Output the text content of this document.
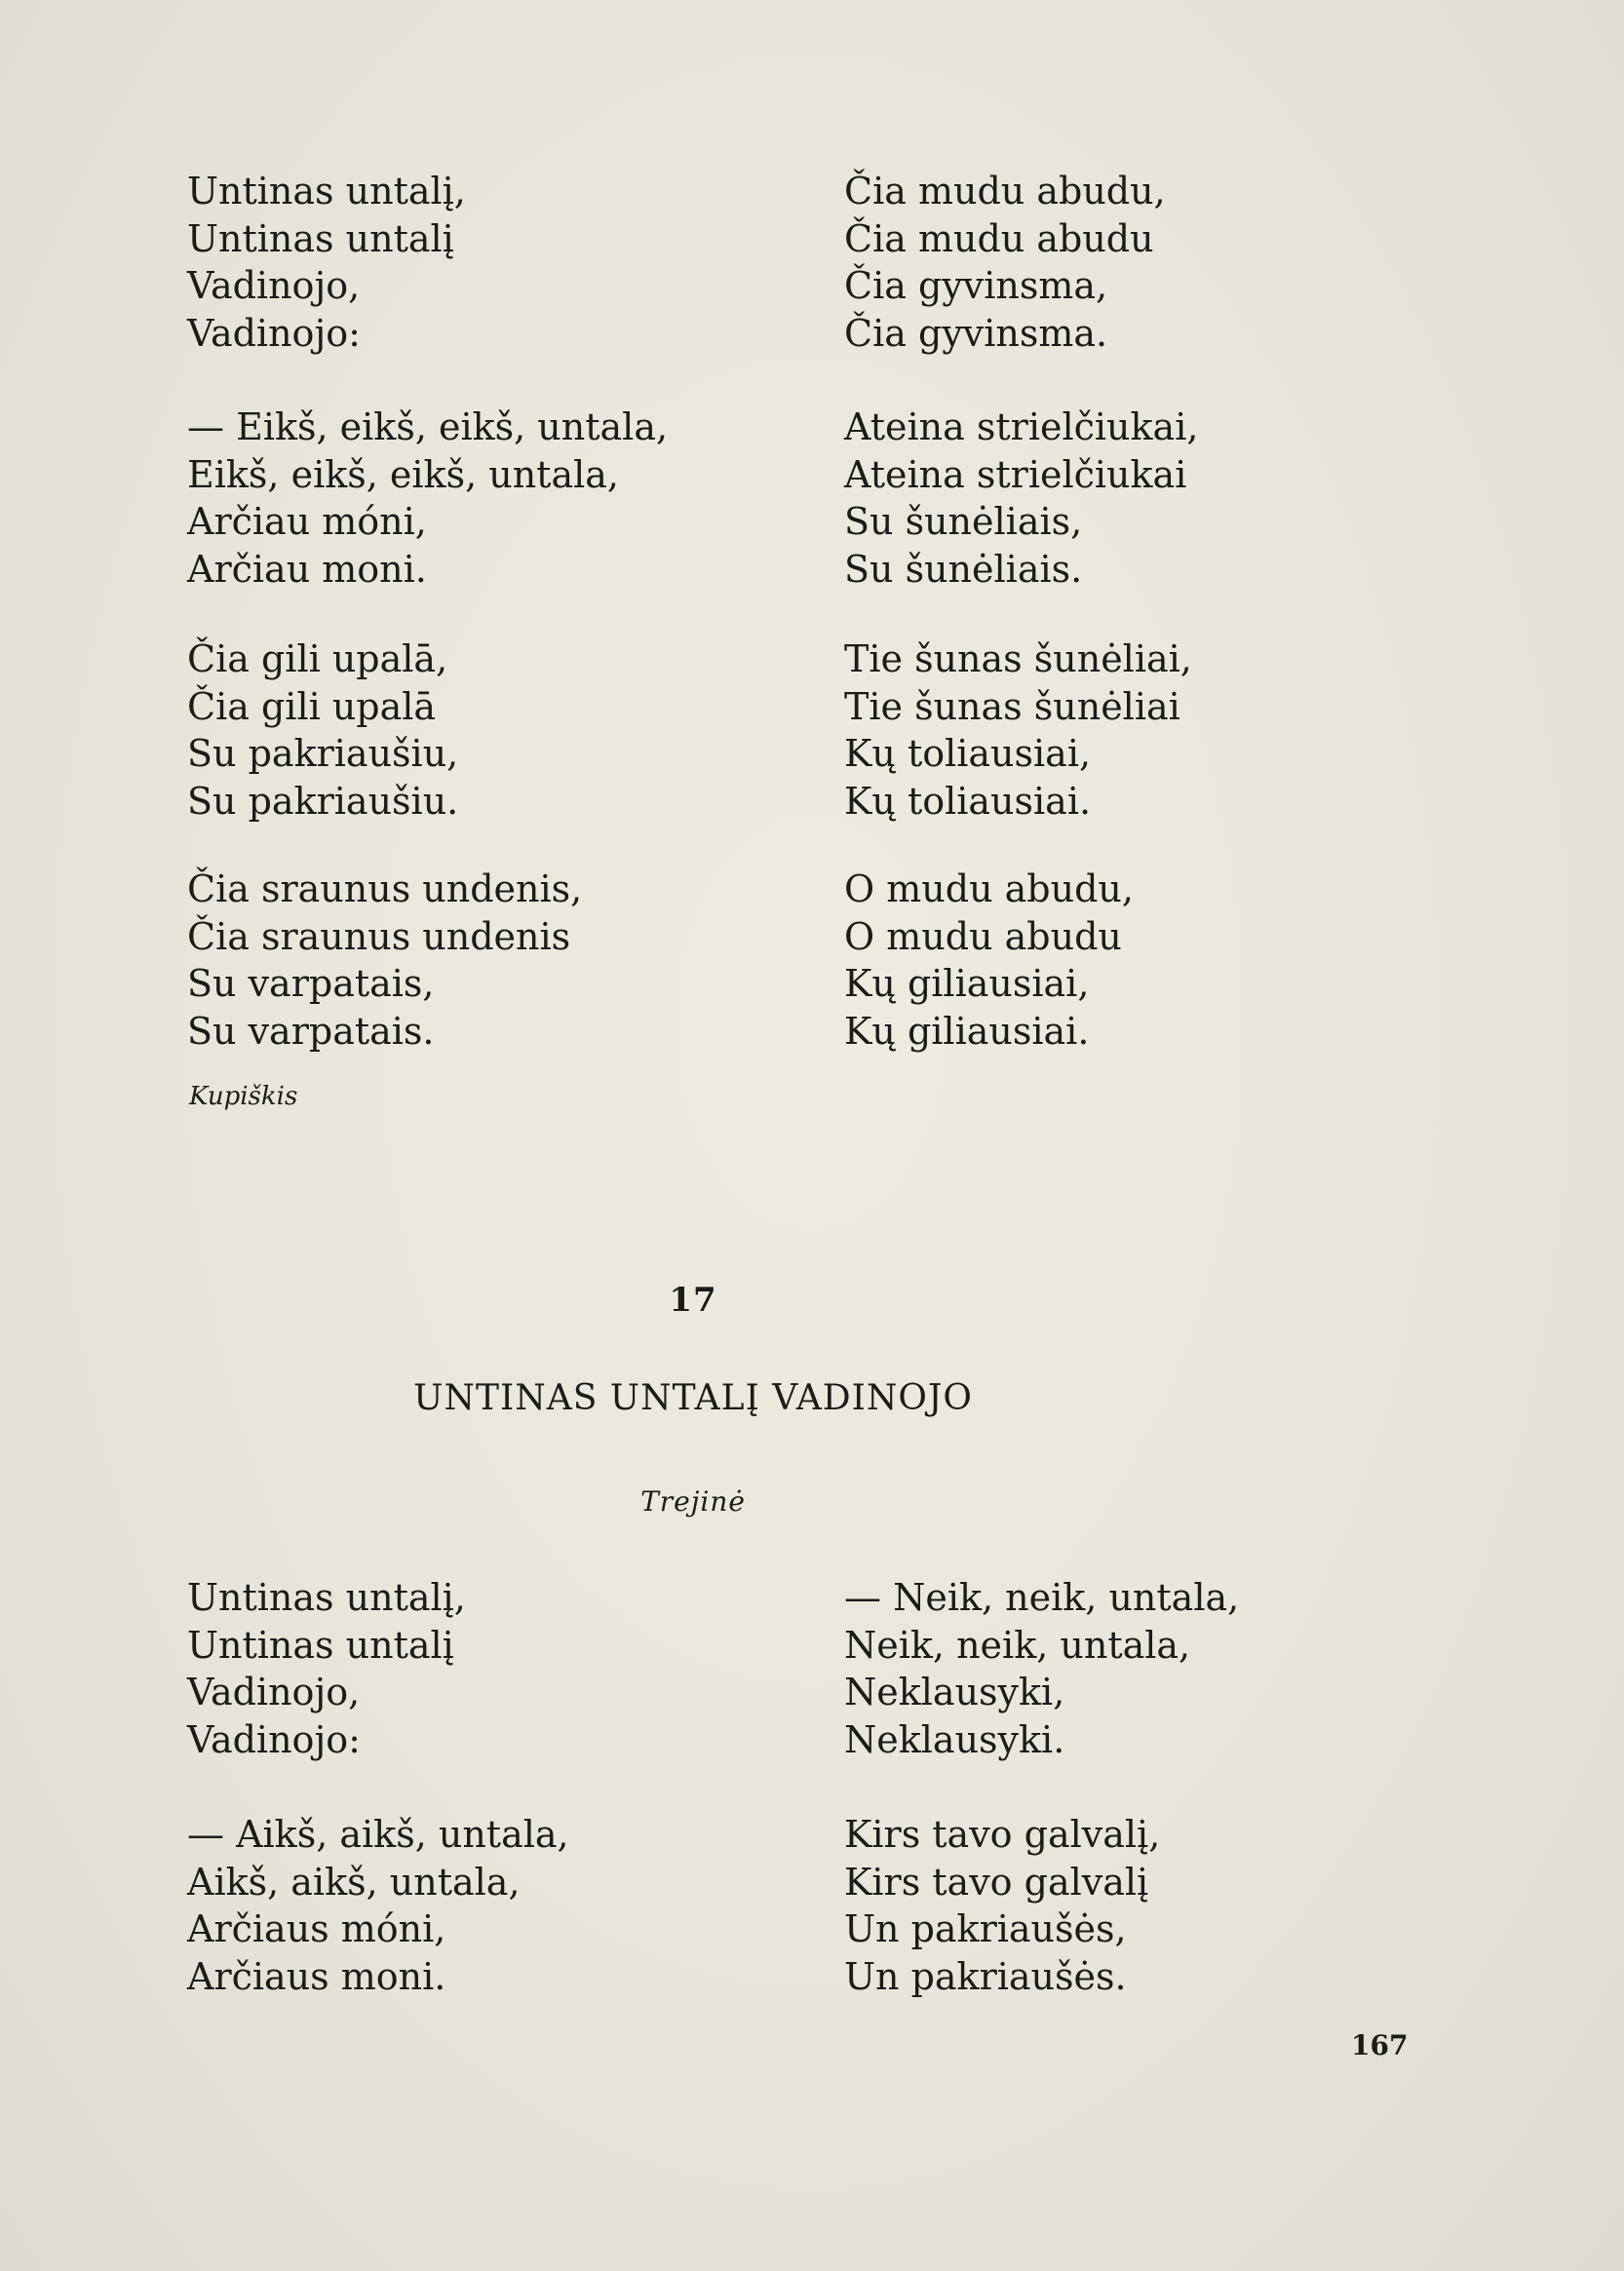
Untinas untalį,
Untinas untalį
Vadinojo,
Vadinojo:

— Eikš, eikš, eikš, untala,
Eikš, eikš, eikš, untala,
Arčiau móni,
Arčiau moni.

Čia gili upalā,
Čia gili upalā
Su pakriaušiu,
Su pakriaušiu.

Čia sraunus undenis,
Čia sraunus undenis
Su varpatais,
Su varpatais.

Čia mudu abudu,
Čia mudu abudu
Čia gyvinsma,
Čia gyvinsma.

Ateina strielčiukai,
Ateina strielčiukai
Su šunėliais,
Su šunėliais.

Tie šunas šunėliai,
Tie šunas šunėliai
Kų toliausiai,
Kų toliausiai.

O mudu abudu,
O mudu abudu
Kų giliausiai,
Kų giliausiai.

Kupiškis
17
UNTINAS UNTALĮ VADINOJO
Trejinė

Untinas untalį,
Untinas untalį
Vadinojo,
Vadinojo:

— Aikš, aikš, untala,
Aikš, aikš, untala,
Arčiaus móni,
Arčiaus moni.

— Neik, neik, untala,
Neik, neik, untala,
Neklausyki,
Neklausyki.

Kirs tavo galvalį,
Kirs tavo galvalį
Un pakriaušės,
Un pakriaušės.

167
